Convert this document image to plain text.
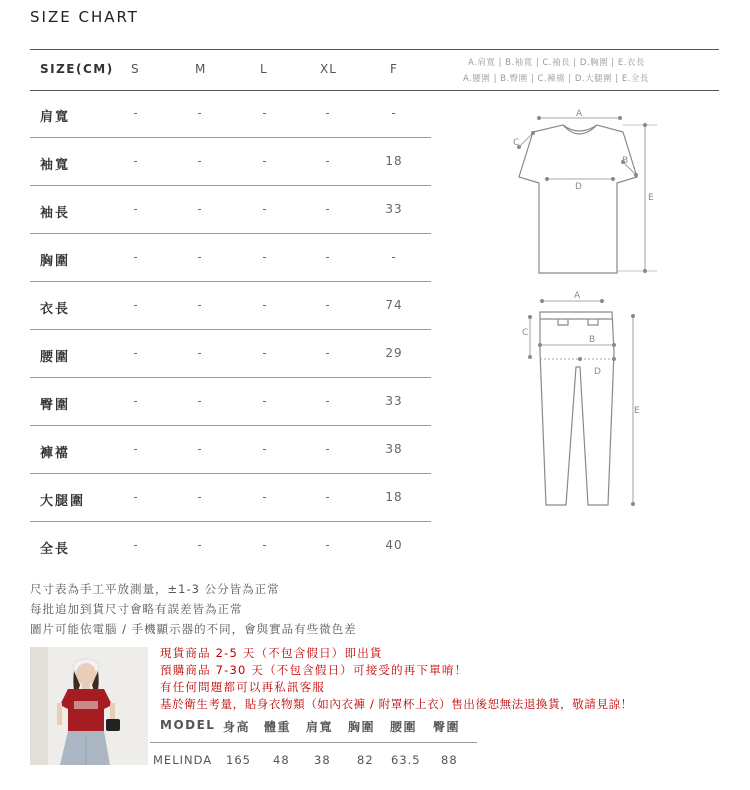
SIZE CHART
SIZE(CM) S	M	L	XL	F	A.肩寬 | B.袖寬 | C.袖長 | D.胸圍 | E.衣長
A.腰圍 | B.臀圍 | C.褲襠 | D.大腿圍 | E.全長
肩寬	-	-	-	-	-
袖寬	-	-	-	-	18
袖長	-	-	-	-	33
胸圍	-	-	-	-	-
衣長	-	-	-	-	74
腰圍	-	-	-	-	29
臀圍	-	-	-	-	33
褲襠	-	-	-	-	38
大腿圍	-	-	-	-	18
全長	-	-	-	-	40
A
C
B
D
E
A
C
B
D
E
尺寸表為手工平放測量，±1-3 公分皆為正常
每批追加到貨尺寸會略有誤差皆為正常
圖片可能依電腦 / 手機顯示器的不同，會與實品有些微色差
現貨商品 2-5 天（不包含假日）即出貨
預購商品 7-30 天（不包含假日）可接受的再下單唷！
有任何問題都可以再私訊客服
基於衛生考量，貼身衣物類（如內衣褲 / 附罩杯上衣）售出後恕無法退換貨，敬請見諒！
MODEL 身高 體重 肩寬 胸圍 腰圍 臀圍
MELINDA 165 48 38 82 63.5 88
